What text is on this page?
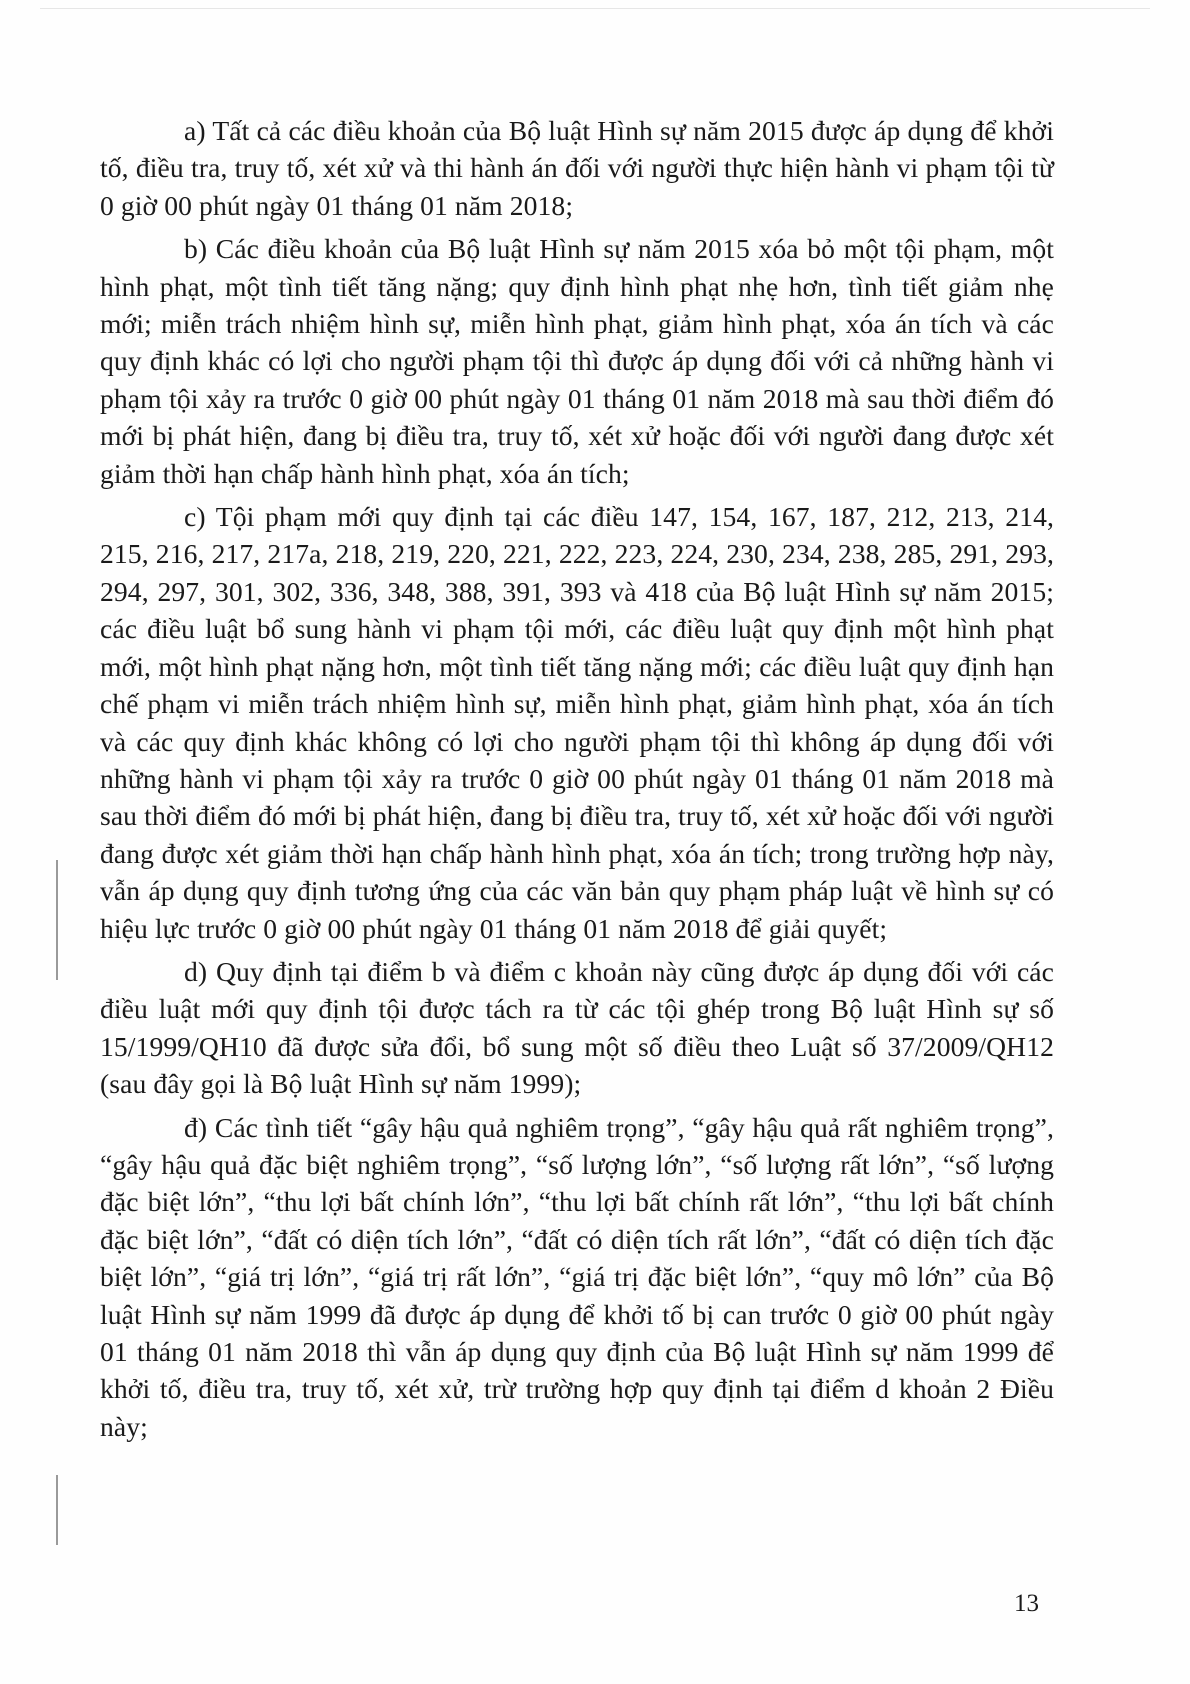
a) Tất cả các điều khoản của Bộ luật Hình sự năm 2015 được áp dụng để khởi tố, điều tra, truy tố, xét xử và thi hành án đối với người thực hiện hành vi phạm tội từ 0 giờ 00 phút ngày 01 tháng 01 năm 2018;

b) Các điều khoản của Bộ luật Hình sự năm 2015 xóa bỏ một tội phạm, một hình phạt, một tình tiết tăng nặng; quy định hình phạt nhẹ hơn, tình tiết giảm nhẹ mới; miễn trách nhiệm hình sự, miễn hình phạt, giảm hình phạt, xóa án tích và các quy định khác có lợi cho người phạm tội thì được áp dụng đối với cả những hành vi phạm tội xảy ra trước 0 giờ 00 phút ngày 01 tháng 01 năm 2018 mà sau thời điểm đó mới bị phát hiện, đang bị điều tra, truy tố, xét xử hoặc đối với người đang được xét giảm thời hạn chấp hành hình phạt, xóa án tích;

c) Tội phạm mới quy định tại các điều 147, 154, 167, 187, 212, 213, 214, 215, 216, 217, 217a, 218, 219, 220, 221, 222, 223, 224, 230, 234, 238, 285, 291, 293, 294, 297, 301, 302, 336, 348, 388, 391, 393 và 418 của Bộ luật Hình sự năm 2015; các điều luật bổ sung hành vi phạm tội mới, các điều luật quy định một hình phạt mới, một hình phạt nặng hơn, một tình tiết tăng nặng mới; các điều luật quy định hạn chế phạm vi miễn trách nhiệm hình sự, miễn hình phạt, giảm hình phạt, xóa án tích và các quy định khác không có lợi cho người phạm tội thì không áp dụng đối với những hành vi phạm tội xảy ra trước 0 giờ 00 phút ngày 01 tháng 01 năm 2018 mà sau thời điểm đó mới bị phát hiện, đang bị điều tra, truy tố, xét xử hoặc đối với người đang được xét giảm thời hạn chấp hành hình phạt, xóa án tích; trong trường hợp này, vẫn áp dụng quy định tương ứng của các văn bản quy phạm pháp luật về hình sự có hiệu lực trước 0 giờ 00 phút ngày 01 tháng 01 năm 2018 để giải quyết;

d) Quy định tại điểm b và điểm c khoản này cũng được áp dụng đối với các điều luật mới quy định tội được tách ra từ các tội ghép trong Bộ luật Hình sự số 15/1999/QH10 đã được sửa đổi, bổ sung một số điều theo Luật số 37/2009/QH12 (sau đây gọi là Bộ luật Hình sự năm 1999);

đ) Các tình tiết “gây hậu quả nghiêm trọng”, “gây hậu quả rất nghiêm trọng”, “gây hậu quả đặc biệt nghiêm trọng”, “số lượng lớn”, “số lượng rất lớn”, “số lượng đặc biệt lớn”, “thu lợi bất chính lớn”, “thu lợi bất chính rất lớn”, “thu lợi bất chính đặc biệt lớn”, “đất có diện tích lớn”, “đất có diện tích rất lớn”, “đất có diện tích đặc biệt lớn”, “giá trị lớn”, “giá trị rất lớn”, “giá trị đặc biệt lớn”, “quy mô lớn” của Bộ luật Hình sự năm 1999 đã được áp dụng để khởi tố bị can trước 0 giờ 00 phút ngày 01 tháng 01 năm 2018 thì vẫn áp dụng quy định của Bộ luật Hình sự năm 1999 để khởi tố, điều tra, truy tố, xét xử, trừ trường hợp quy định tại điểm d khoản 2 Điều này;

13
